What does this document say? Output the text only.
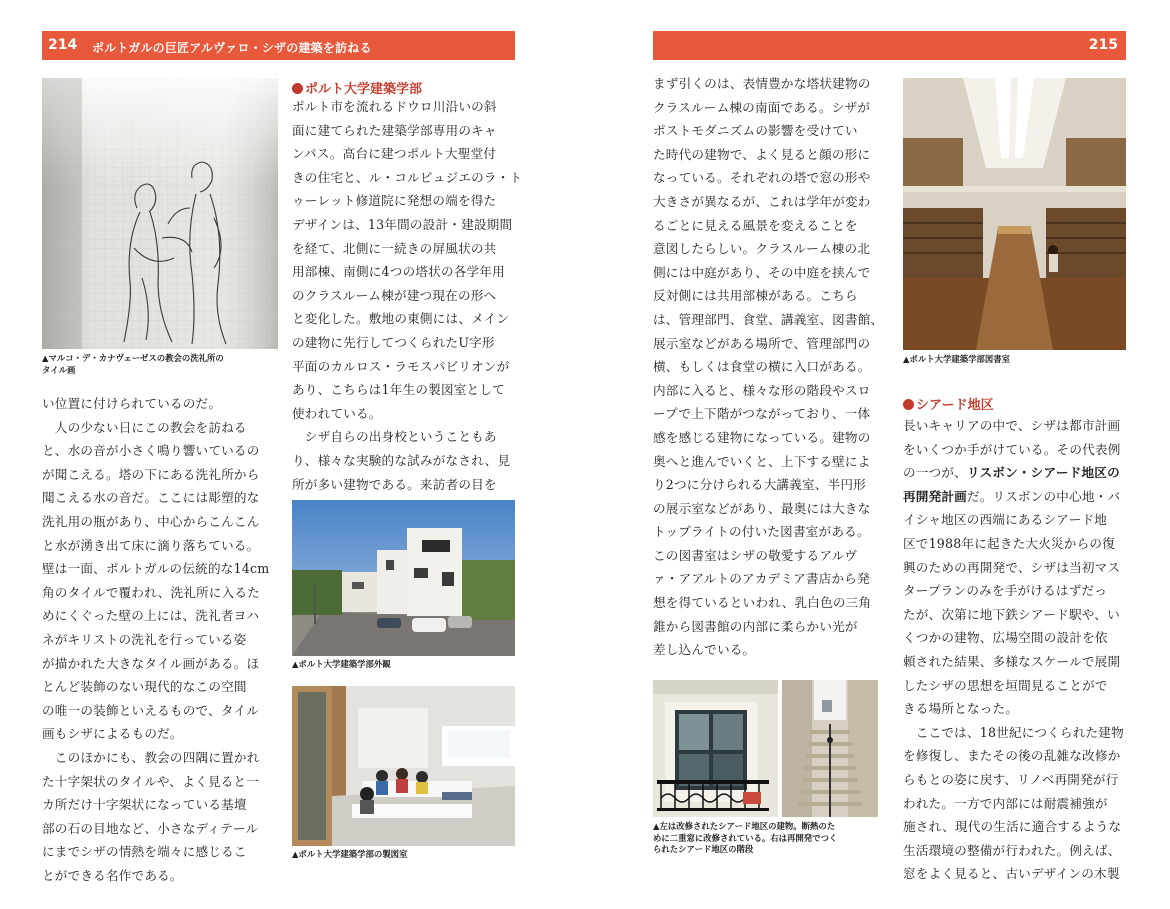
214 ポルトガルの巨匠アルヴァロ・シザの建築を訪ねる
▲マルコ・デ・カナヴェーゼスの教会の洗礼所の
タイル画
い位置に付けられているのだ。
　人の少ない日にこの教会を訪ねる
と、水の音が小さく鳴り響いているの
が聞こえる。塔の下にある洗礼所から
聞こえる水の音だ。ここには彫塑的な
洗礼用の瓶があり、中心からこんこん
と水が湧き出て床に滴り落ちている。
壁は一面、ポルトガルの伝統的な14cm
角のタイルで覆われ、洗礼所に入るた
めにくぐった壁の上には、洗礼者ヨハ
ネがキリストの洗礼を行っている姿
が描かれた大きなタイル画がある。ほ
とんど装飾のない現代的なこの空間
の唯一の装飾といえるもので、タイル
画もシザによるものだ。
　このほかにも、教会の四隅に置かれ
た十字架状のタイルや、よく見ると一
カ所だけ十字架状になっている基壇
部の石の目地など、小さなディテール
にまでシザの情熱を端々に感じるこ
とができる名作である。
ポルト大学建築学部
ポルト市を流れるドウロ川沿いの斜
面に建てられた建築学部専用のキャ
ンパス。高台に建つポルト大聖堂付
きの住宅と、ル・コルビュジエのラ・ト
ゥーレット修道院に発想の端を得た
デザインは、13年間の設計・建設期間
を経て、北側に一続きの屏風状の共
用部棟、南側に4つの塔状の各学年用
のクラスルーム棟が建つ現在の形へ
と変化した。敷地の東側には、メイン
の建物に先行してつくられたU字形
平面のカルロス・ラモスパビリオンが
あり、こちらは1年生の製図室として
使われている。
　シザ自らの出身校ということもあ
り、様々な実験的な試みがなされ、見
所が多い建物である。来訪者の目を
▲ポルト大学建築学部外観
▲ポルト大学建築学部の製図室
215
まず引くのは、表情豊かな塔状建物の
クラスルーム棟の南面である。シザが
ポストモダニズムの影響を受けてい
た時代の建物で、よく見ると顔の形に
なっている。それぞれの塔で窓の形や
大きさが異なるが、これは学年が変わ
るごとに見える風景を変えることを
意図したらしい。クラスルーム棟の北
側には中庭があり、その中庭を挟んで
反対側には共用部棟がある。こちら
は、管理部門、食堂、講義室、図書館、
展示室などがある場所で、管理部門の
横、もしくは食堂の横に入口がある。
内部に入ると、様々な形の階段やスロ
ープで上下階がつながっており、一体
感を感じる建物になっている。建物の
奥へと進んでいくと、上下する壁によ
り2つに分けられる大講義室、半円形
の展示室などがあり、最奥には大きな
トップライトの付いた図書室がある。
この図書室はシザの敬愛するアルヴ
ァ・アアルトのアカデミア書店から発
想を得ているといわれ、乳白色の三角
錐から図書館の内部に柔らかい光が
差し込んでいる。
▲ポルト大学建築学部図書室
シアード地区
長いキャリアの中で、シザは都市計画
をいくつか手がけている。その代表例
の一つが、リスボン・シアード地区の
再開発計画だ。リスボンの中心地・バ
イシャ地区の西端にあるシアード地
区で1988年に起きた大火災からの復
興のための再開発で、シザは当初マス
タープランのみを手がけるはずだっ
たが、次第に地下鉄シアード駅や、い
くつかの建物、広場空間の設計を依
頼された結果、多様なスケールで展開
したシザの思想を垣間見ることがで
きる場所となった。
　ここでは、18世紀につくられた建物
を修復し、またその後の乱雑な改修か
らもとの姿に戻す、リノベ再開発が行
われた。一方で内部には耐震補強が
施され、現代の生活に適合するような
生活環境の整備が行われた。例えば、
窓をよく見ると、古いデザインの木製
▲左は改修されたシアード地区の建物。断熱のた
めに二重窓に改修されている。右は再開発でつく
られたシアード地区の階段
